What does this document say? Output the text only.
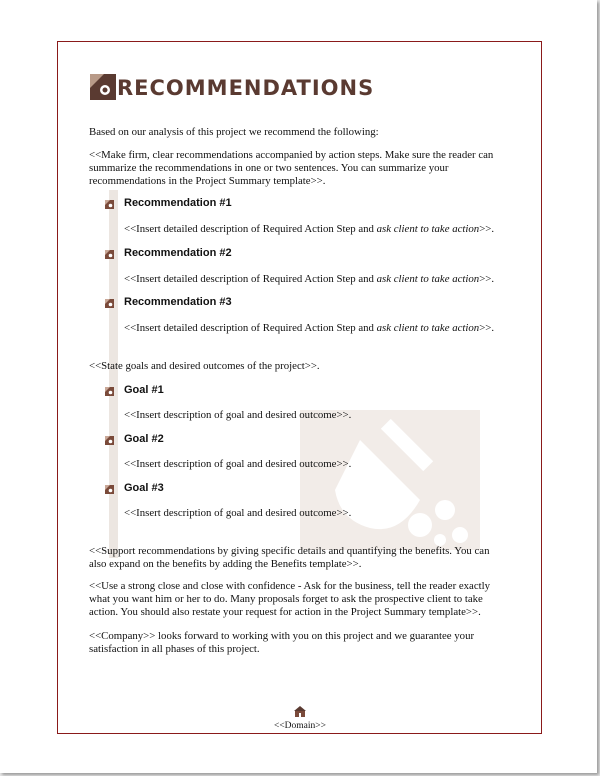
RECOMMENDATIONS
Based on our analysis of this project we recommend the following:
<<Make firm, clear recommendations accompanied by action steps. Make sure the reader can summarize the recommendations in one or two sentences. You can summarize your recommendations in the Project Summary template>>.
Recommendation #1
<<Insert detailed description of Required Action Step and ask client to take action>>.
Recommendation #2
<<Insert detailed description of Required Action Step and ask client to take action>>.
Recommendation #3
<<Insert detailed description of Required Action Step and ask client to take action>>.
<<State goals and desired outcomes of the project>>.
Goal #1
<<Insert description of goal and desired outcome>>.
Goal #2
<<Insert description of goal and desired outcome>>.
Goal #3
<<Insert description of goal and desired outcome>>.
<<Support recommendations by giving specific details and quantifying the benefits. You can also expand on the benefits by adding the Benefits template>>.
<<Use a strong close and close with confidence - Ask for the business, tell the reader exactly what you want him or her to do. Many proposals forget to ask the prospective client to take action. You should also restate your request for action in the Project Summary template>>.
<<Company>> looks forward to working with you on this project and we guarantee your satisfaction in all phases of this project.
<<Domain>>
